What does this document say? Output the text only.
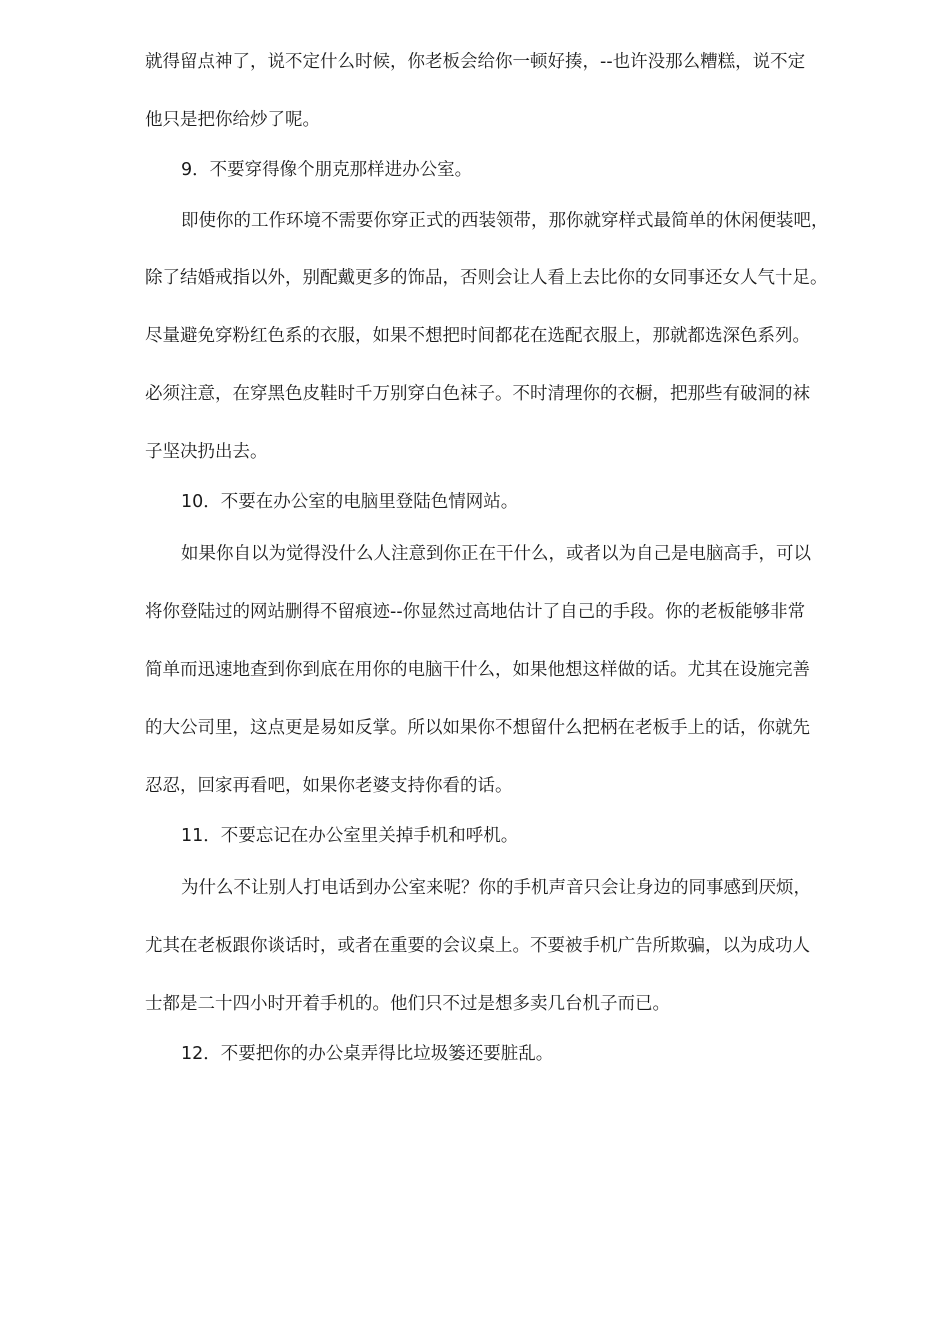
就得留点神了，说不定什么时候，你老板会给你一顿好揍，--也许没那么糟糕，说不定
他只是把你给炒了呢。
9．不要穿得像个朋克那样进办公室。
即使你的工作环境不需要你穿正式的西装领带，那你就穿样式最简单的休闲便装吧，
除了结婚戒指以外，别配戴更多的饰品，否则会让人看上去比你的女同事还女人气十足。
尽量避免穿粉红色系的衣服，如果不想把时间都花在选配衣服上，那就都选深色系列。
必须注意，在穿黑色皮鞋时千万别穿白色袜子。不时清理你的衣橱，把那些有破洞的袜
子坚决扔出去。
10．不要在办公室的电脑里登陆色情网站。
如果你自以为觉得没什么人注意到你正在干什么，或者以为自己是电脑高手，可以
将你登陆过的网站删得不留痕迹--你显然过高地估计了自己的手段。你的老板能够非常
简单而迅速地查到你到底在用你的电脑干什么，如果他想这样做的话。尤其在设施完善
的大公司里，这点更是易如反掌。所以如果你不想留什么把柄在老板手上的话，你就先
忍忍，回家再看吧，如果你老婆支持你看的话。
11．不要忘记在办公室里关掉手机和呼机。
为什么不让别人打电话到办公室来呢？你的手机声音只会让身边的同事感到厌烦，
尤其在老板跟你谈话时，或者在重要的会议桌上。不要被手机广告所欺骗，以为成功人
士都是二十四小时开着手机的。他们只不过是想多卖几台机子而已。
12．不要把你的办公桌弄得比垃圾篓还要脏乱。
